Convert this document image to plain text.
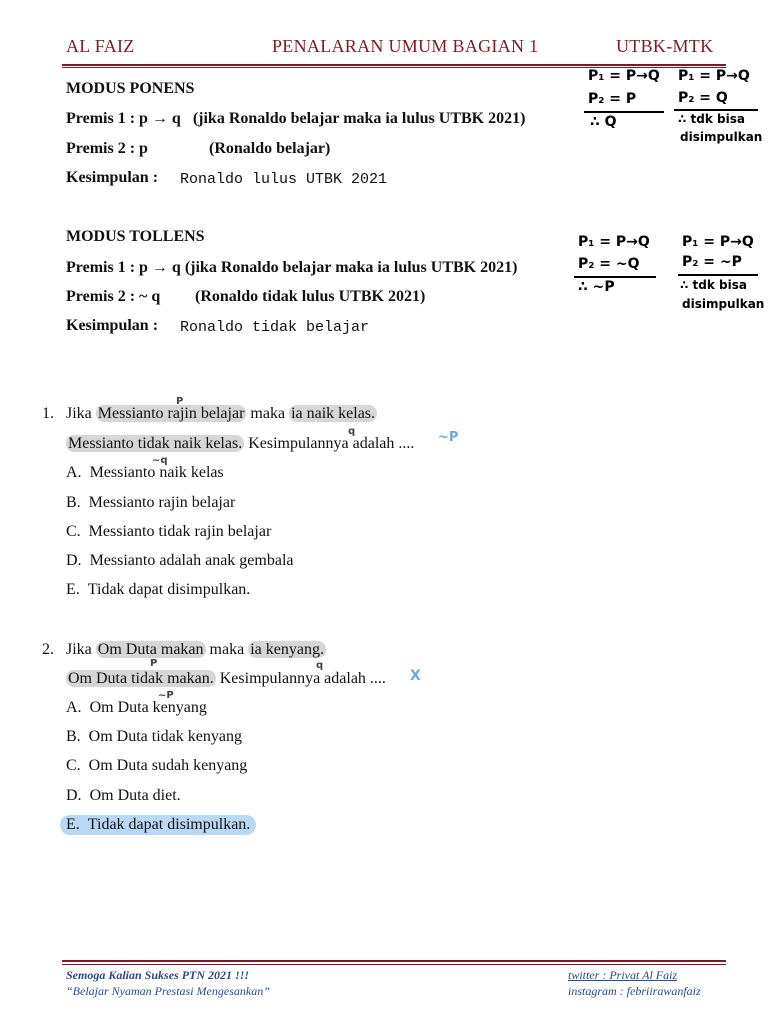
AL FAIZ	PENALARAN UMUM BAGIAN 1	UTBK-MTK
MODUS PONENS
Premis 1 : p → q   (jika Ronaldo belajar maka ia lulus UTBK 2021)
Premis 2 : p	(Ronaldo belajar)
Kesimpulan : Ronaldo lulus UTBK 2021
P₁ = P→Q
P₂ = P
∴ Q
P₁ = P→Q
P₂ = Q
∴ tdk bisa
disimpulkan
MODUS TOLLENS
Premis 1 : p → q (jika Ronaldo belajar maka ia lulus UTBK 2021)
Premis 2 : ~ q (Ronaldo tidak lulus UTBK 2021)
Kesimpulan : Ronaldo tidak belajar
P₁ = P→Q
P₂ = ~Q
∴ ~P
P₁ = P→Q
P₂ = ~P
∴ tdk bisa
disimpulkan
1. Jika Messianto rajin belajar maka ia naik kelas.
P
q
Messianto tidak naik kelas. Kesimpulannya adalah ....
~q
~P
A. Messianto naik kelas
B. Messianto rajin belajar
C. Messianto tidak rajin belajar
D. Messianto adalah anak gembala
E. Tidak dapat disimpulkan.
2. Jika Om Duta makan maka ia kenyang.
P	q
Om Duta tidak makan. Kesimpulannya adalah ....
~P
X
A. Om Duta kenyang
B. Om Duta tidak kenyang
C. Om Duta sudah kenyang
D. Om Duta diet.
E. Tidak dapat disimpulkan.
Semoga Kalian Sukses PTN 2021 !!!
“Belajar Nyaman Prestasi Mengesankan”
twitter : Privat Al Faiz
instagram : febriirawanfaiz
